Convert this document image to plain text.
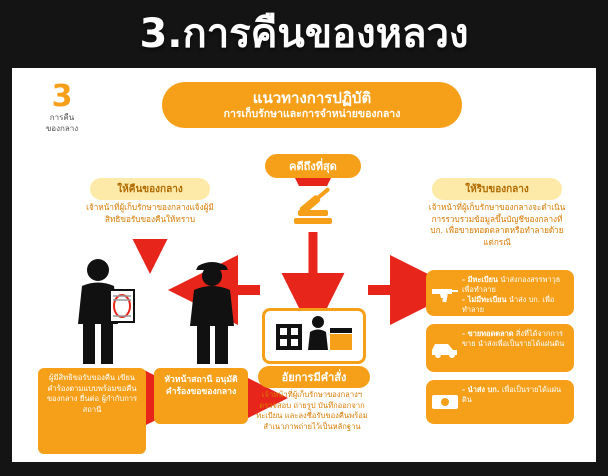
3.การคืนของหลวง
3
การคืน
ของกลาง
แนวทางการปฏิบัติ
การเก็บรักษาและการจำหน่ายของกลาง
คดีถึงที่สุด
ให้คืนของกลาง
เจ้าหน้าที่ผู้เก็บรักษาของกลางแจ้งผู้มีสิทธิขอรับของคืนให้ทราบ
ให้ริบของกลาง
เจ้าหน้าที่ผู้เก็บรักษาของกลางจะดำเนินการรวบรวมข้อมูลขึ้นบัญชีของกลางที่ บก. เพื่อขายทอดตลาดหรือทำลายด้วยแต่กรณี
อัยการมีคำสั่ง
ผู้มีสิทธิขอรับของคืน เขียนคำร้องตามแบบพร้อมขอคืนของกลาง ยื่นต่อ ผู้กำกับการสถานี
หัวหน้าสถานี อนุมัติคำร้องขอของกลาง	เจ้าหน้าที่ผู้เก็บรักษาของกลางฯ ตรวจสอบ ถ่ายรูป บันทึกออกจากทะเบียน และลงชื่อรับของคืนพร้อมสำเนาภาพถ่ายไว้เป็นหลักฐาน
- มีทะเบียน นำส่งกองสรรพาวุธ เพื่อทำลาย
- ไม่มีทะเบียน นำส่ง บก. เพื่อทำลาย
- ขายทอดตลาด สิ่งที่ได้จากการขาย นำส่งเพื่อเป็นรายได้แผ่นดิน
- นำส่ง บก. เพื่อเป็นรายได้แผ่นดิน
